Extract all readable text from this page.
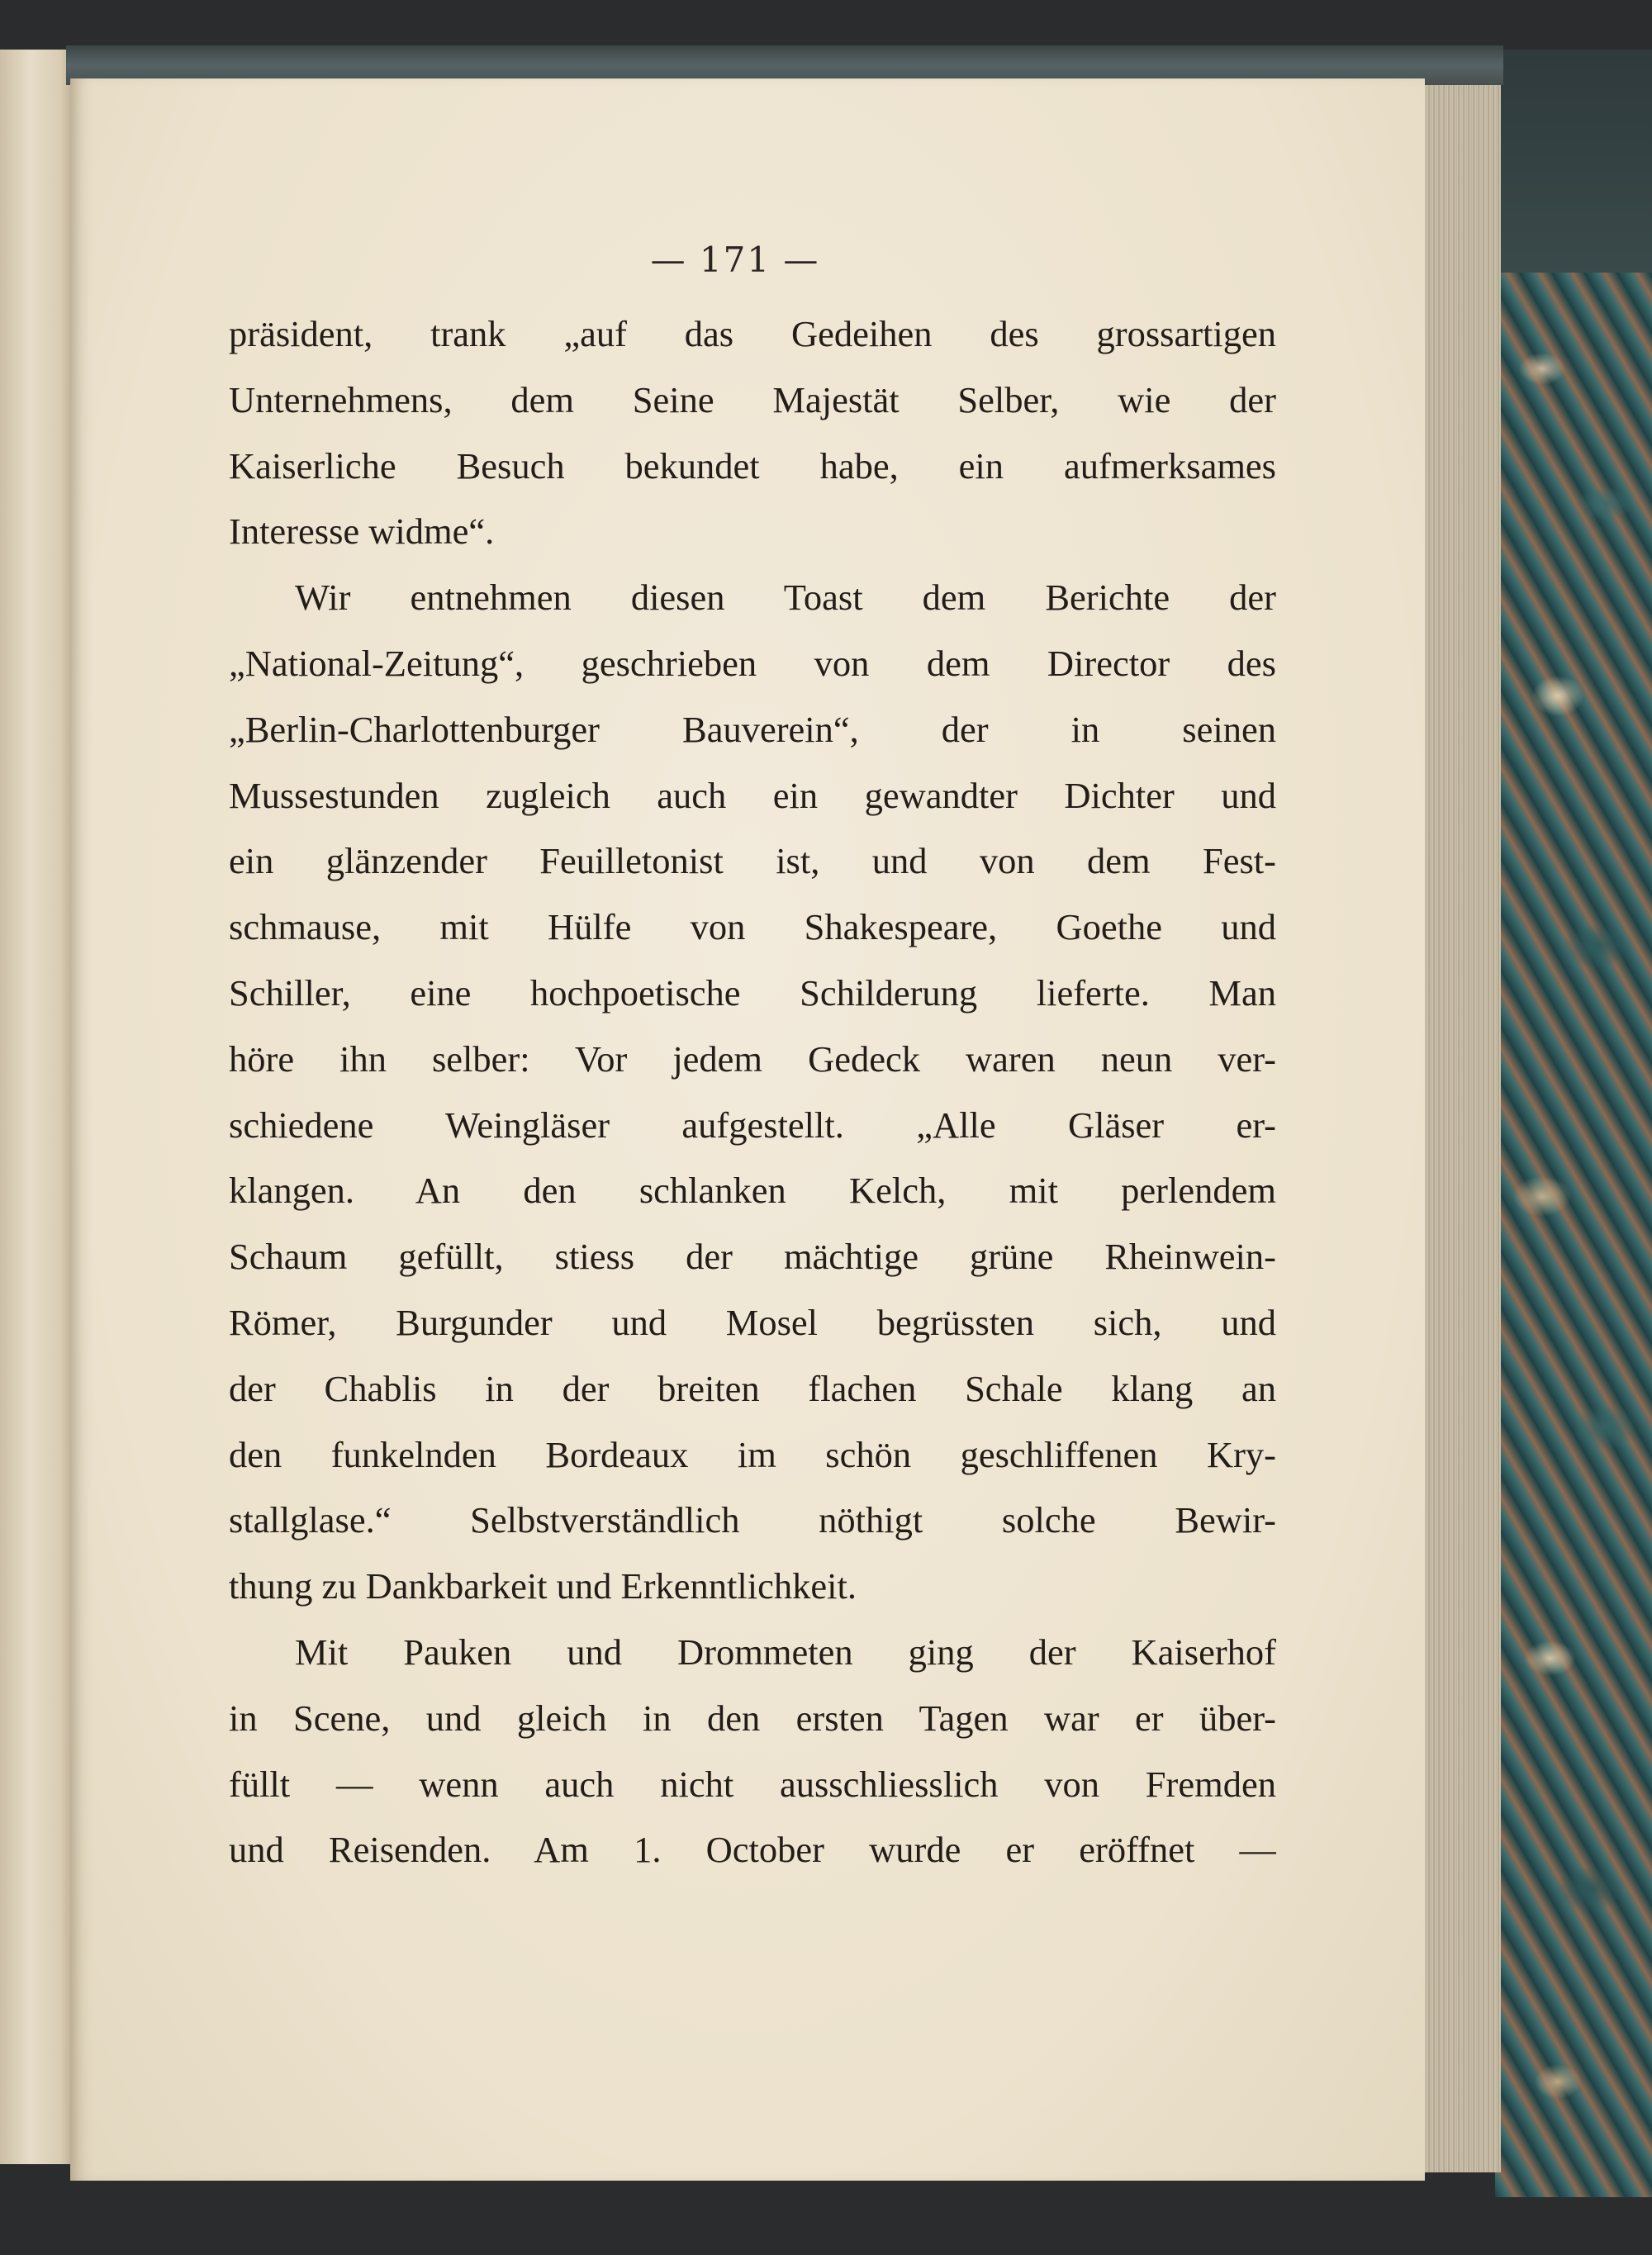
— 171 —
präsident, trank „auf das Gedeihen des grossartigen
Unternehmens, dem Seine Majestät Selber, wie der
Kaiserliche Besuch bekundet habe, ein aufmerksames
Interesse widme“.
Wir entnehmen diesen Toast dem Berichte der
„National-Zeitung“, geschrieben von dem Director des
„Berlin-Charlottenburger Bauverein“, der in seinen
Mussestunden zugleich auch ein gewandter Dichter und
ein glänzender Feuilletonist ist, und von dem Fest-
schmause, mit Hülfe von Shakespeare, Goethe und
Schiller, eine hochpoetische Schilderung lieferte. Man
höre ihn selber: Vor jedem Gedeck waren neun ver-
schiedene Weingläser aufgestellt. „Alle Gläser er-
klangen. An den schlanken Kelch, mit perlendem
Schaum gefüllt, stiess der mächtige grüne Rheinwein-
Römer, Burgunder und Mosel begrüssten sich, und
der Chablis in der breiten flachen Schale klang an
den funkelnden Bordeaux im schön geschliffenen Kry-
stallglase.“ Selbstverständlich nöthigt solche Bewir-
thung zu Dankbarkeit und Erkenntlichkeit.
Mit Pauken und Drommeten ging der Kaiserhof
in Scene, und gleich in den ersten Tagen war er über-
füllt — wenn auch nicht ausschliesslich von Fremden
und Reisenden. Am 1. October wurde er eröffnet —
